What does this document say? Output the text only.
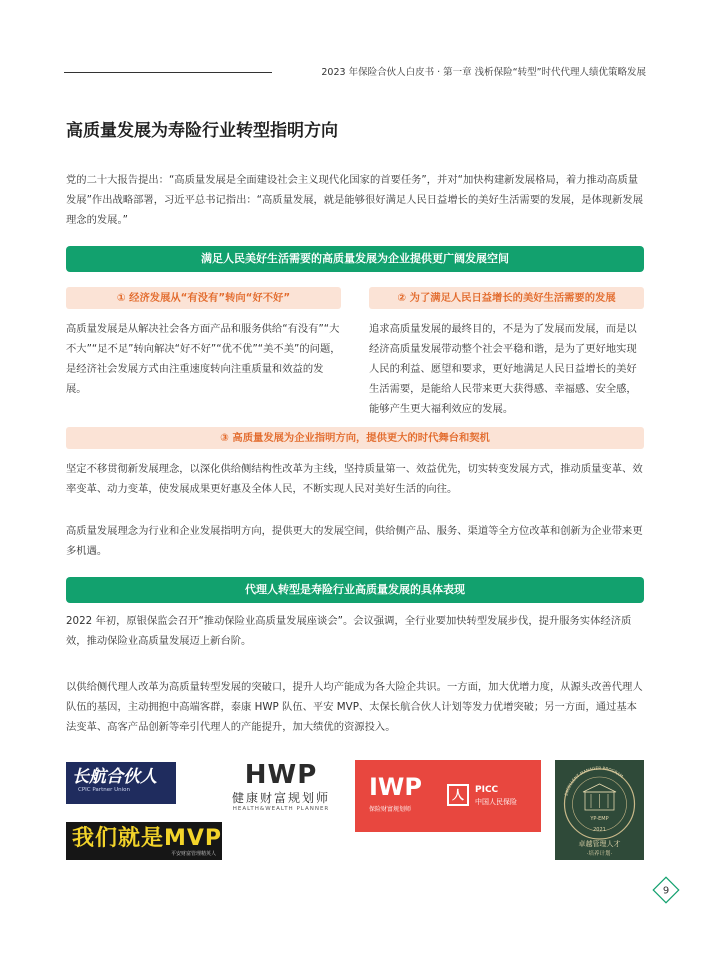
2023 年保险合伙人白皮书 · 第一章 浅析保险“转型”时代代理人绩优策略发展
高质量发展为寿险行业转型指明方向

党的二十大报告提出：“高质量发展是全面建设社会主义现代化国家的首要任务”，并对“加快构建新发展格局，着力推动高质量发展”作出战略部署，习近平总书记指出：“高质量发展，就是能够很好满足人民日益增长的美好生活需要的发展，是体现新发展理念的发展。”

满足人民美好生活需要的高质量发展为企业提供更广阔发展空间
① 经济发展从“有没有”转向“好不好”	② 为了满足人民日益增长的美好生活需要的发展

高质量发展是从解决社会各方面产品和服务供给“有没有”“大不大”“足不足”转向解决“好不好”“优不优”“美不美”的问题，是经济社会发展方式由注重速度转向注重质量和效益的发展。

追求高质量发展的最终目的，不是为了发展而发展，而是以经济高质量发展带动整个社会平稳和谐，是为了更好地实现人民的利益、愿望和要求，更好地满足人民日益增长的美好生活需要，是能给人民带来更大获得感、幸福感、安全感，能够产生更大福利效应的发展。

③ 高质量发展为企业指明方向，提供更大的时代舞台和契机

坚定不移贯彻新发展理念，以深化供给侧结构性改革为主线，坚持质量第一、效益优先，切实转变发展方式，推动质量变革、效率变革、动力变革，使发展成果更好惠及全体人民，不断实现人民对美好生活的向往。

高质量发展理念为行业和企业发展指明方向，提供更大的发展空间，供给侧产品、服务、渠道等全方位改革和创新为企业带来更多机遇。

代理人转型是寿险行业高质量发展的具体表现

2022 年初，原银保监会召开“推动保险业高质量发展座谈会”。会议强调，全行业要加快转型发展步伐，提升服务实体经济质效，推动保险业高质量发展迈上新台阶。

以供给侧代理人改革为高质量转型发展的突破口，提升人均产能成为各大险企共识。一方面，加大优增力度，从源头改善代理人队伍的基因，主动拥抱中高端客群，泰康 HWP 队伍、平安 MVP、太保长航合伙人计划等发力优增突破；另一方面，通过基本法变革、高客产品创新等牵引代理人的产能提升，加大绩优的资源投入。

长航合伙人
CPIC Partner Union
我们就是MVP
平安财富管理精英人
HWP
健康财富规划师
HEALTH&WEALTH PLANNER
IWP
保险财富规划师
人	PICC
中国人民保险
EXCELLENT MANAGER PROGRAM
YP-EMP
2021
卓越管理人才
·培养计划·
9
